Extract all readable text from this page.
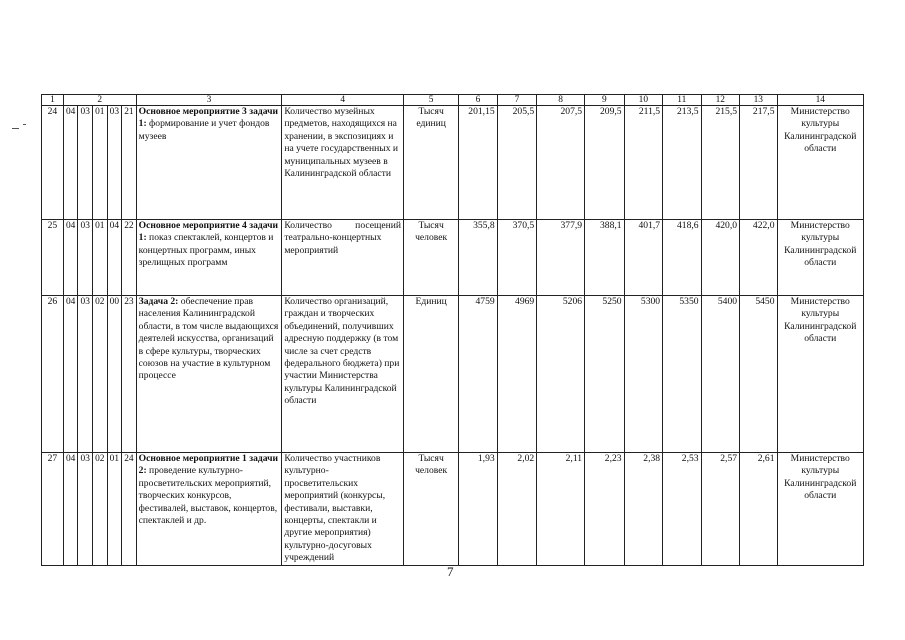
1	2					3	4	5	6	7	8	9	10	11	12	13	14
24	04	03	01	03	21	Основное мероприятие 3 задачи 1: формирование и учет фондов музеев	Количество музейных предметов, находящихся на хранении, в экспозициях и на учете государственных и муниципальных музеев в Калининградской области	Тысяч единиц	201,15	205,5	207,5	209,5	211,5	213,5	215,5	217,5	Министерство культуры Калининградской области
25	04	03	01	04	22	Основное мероприятие 4 задачи 1: показ спектаклей, концертов и концертных программ, иных зрелищных программ	Количество посещений театрально-концертных мероприятий	Тысяч человек	355,8	370,5	377,9	388,1	401,7	418,6	420,0	422,0	Министерство культуры Калининградской области
26	04	03	02	00	23	Задача 2: обеспечение прав населения Калининградской области, в том числе выдающихся деятелей искусства, организаций в сфере культуры, творческих союзов на участие в культурном процессе	Количество организаций, граждан и творческих объединений, получивших адресную поддержку (в том числе за счет средств федерального бюджета) при участии Министерства культуры Калининградской области	Единиц	4759	4969	5206	5250	5300	5350	5400	5450	Министерство культуры Калининградской области
27	04	03	02	01	24	Основное мероприятие 1 задачи 2: проведение культурно-просветительских мероприятий, творческих конкурсов, фестивалей, выставок, концертов, спектаклей и др.	Количество участников культурно-просветительских мероприятий (конкурсы, фестивали, выставки, концерты, спектакли и другие мероприятия) культурно-досуговых учреждений	Тысяч человек	1,93	2,02	2,11	2,23	2,38	2,53	2,57	2,61	Министерство культуры Калининградской области
7
